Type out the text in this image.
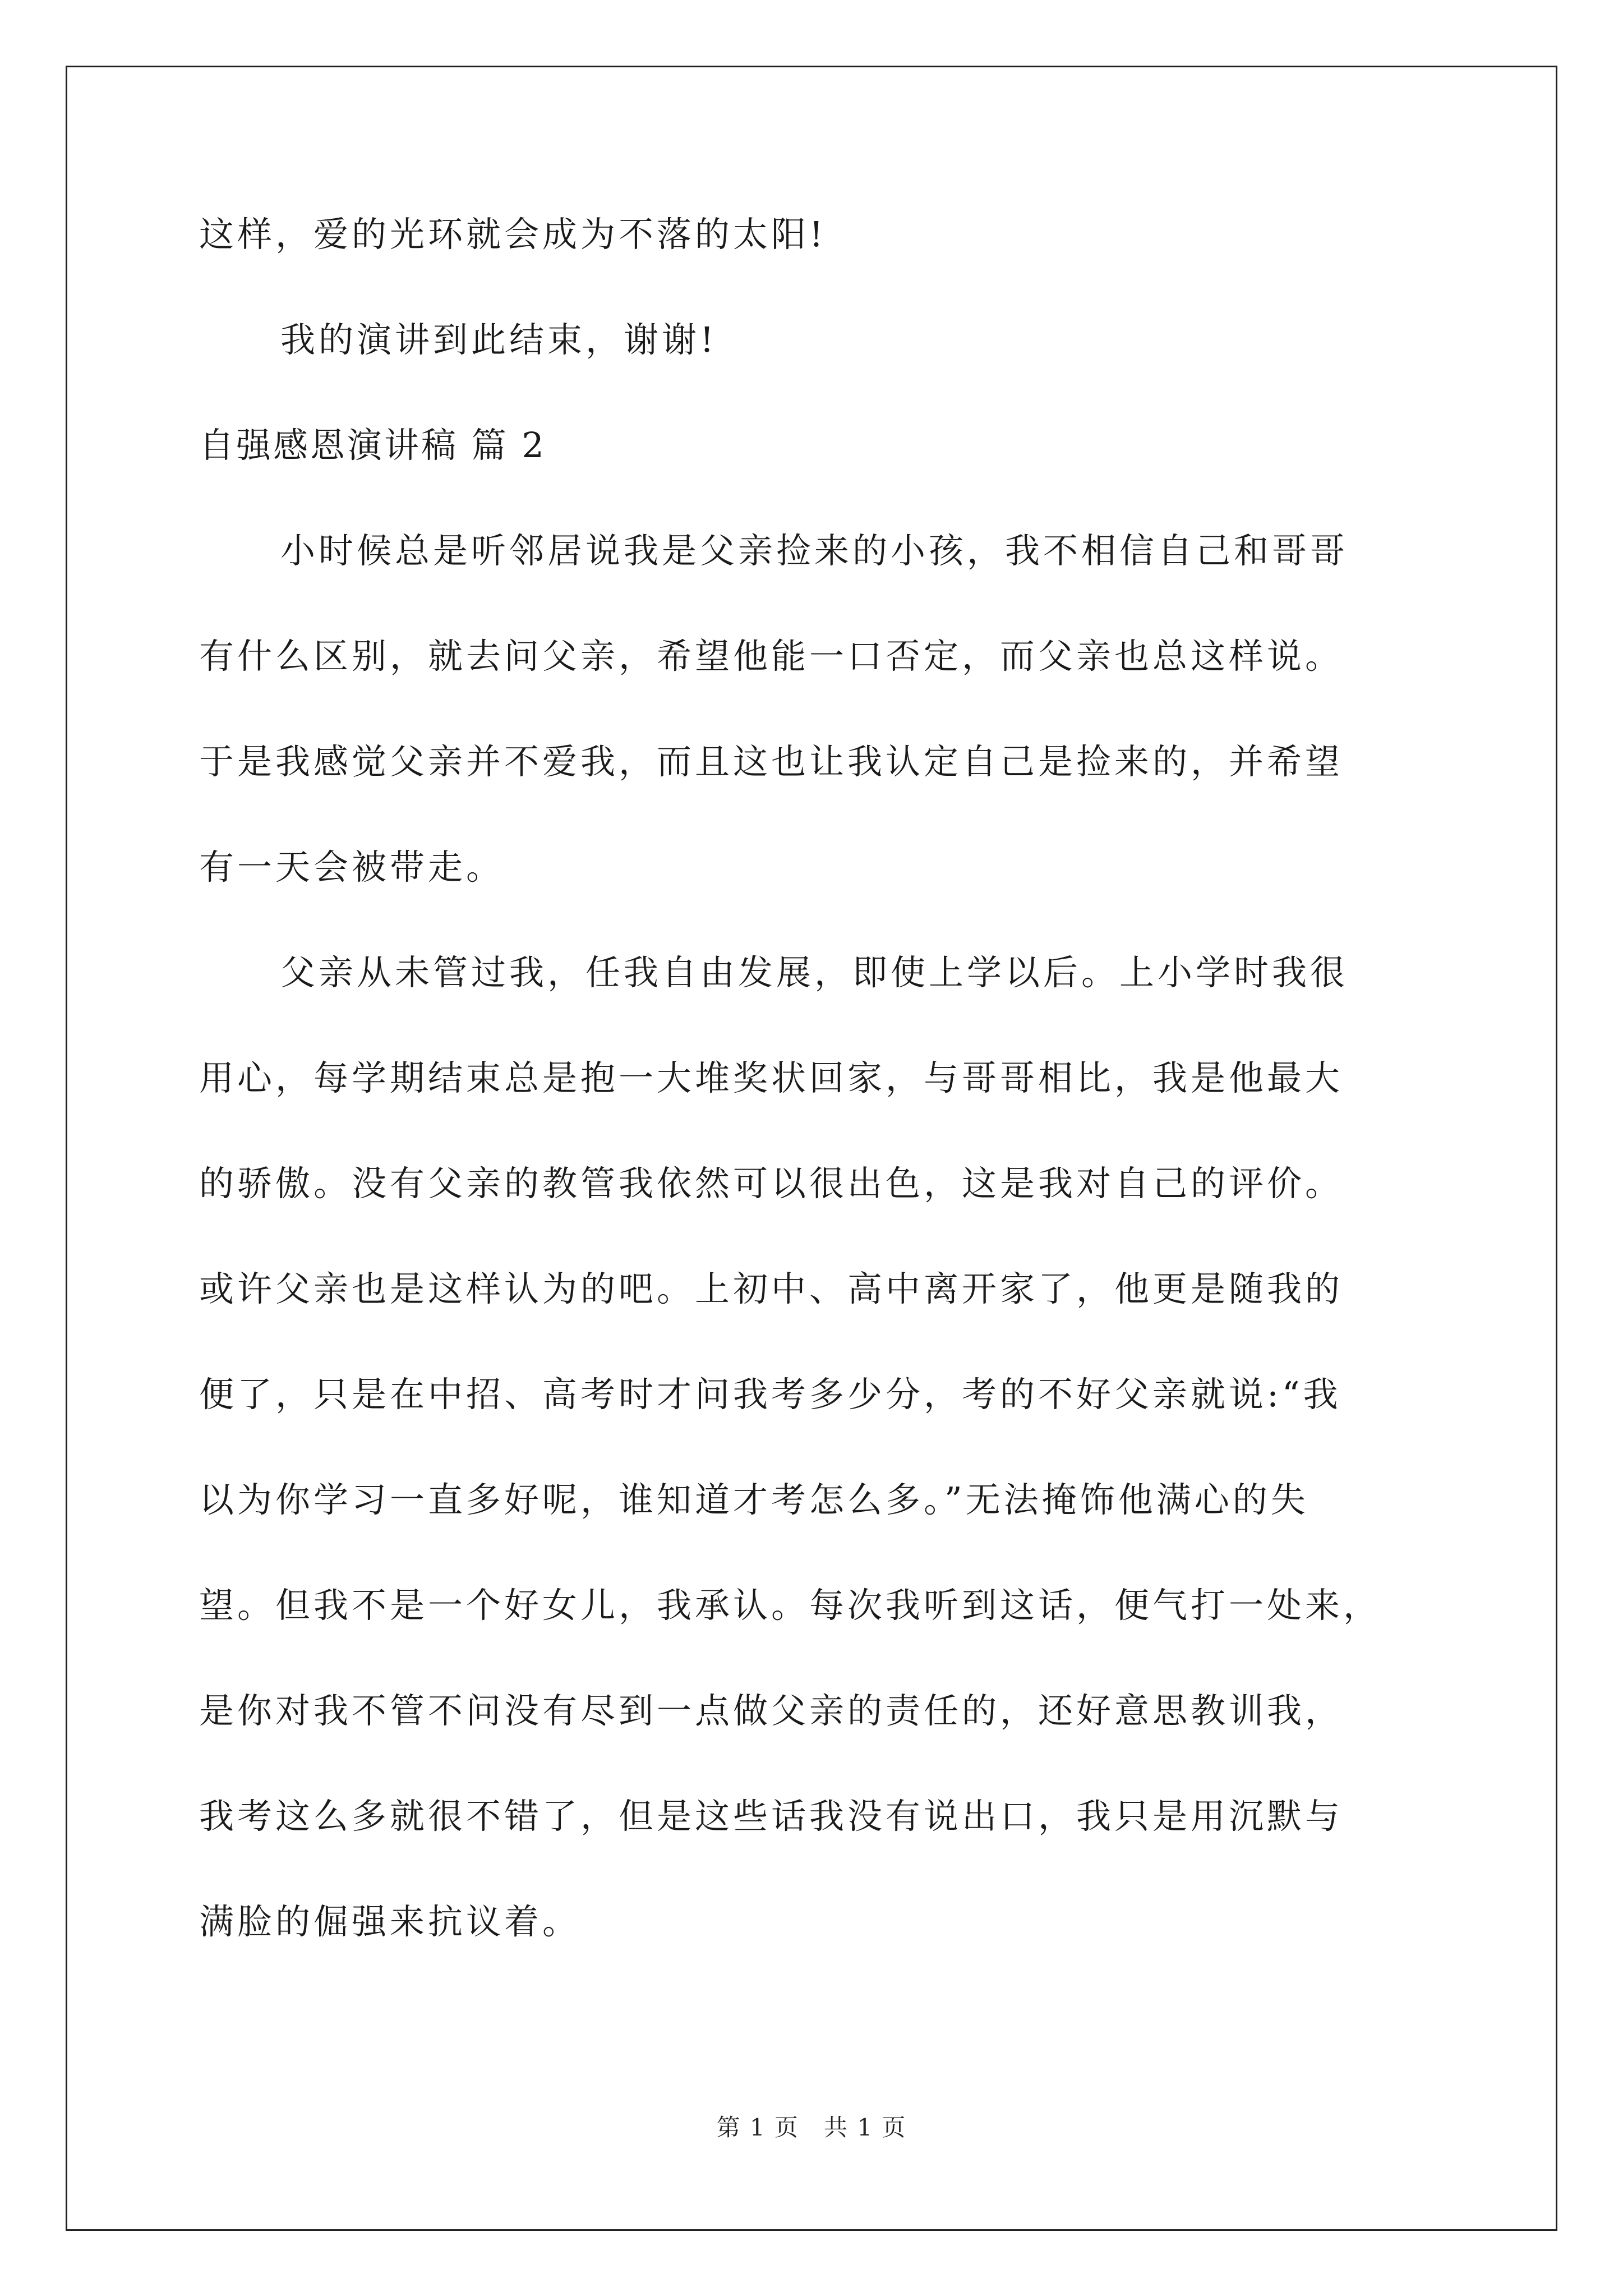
这样，爱的光环就会成为不落的太阳!

我的演讲到此结束，谢谢!

自强感恩演讲稿 篇 2

小时候总是听邻居说我是父亲捡来的小孩，我不相信自己和哥哥

有什么区别，就去问父亲，希望他能一口否定，而父亲也总这样说。

于是我感觉父亲并不爱我，而且这也让我认定自己是捡来的，并希望

有一天会被带走。

父亲从未管过我，任我自由发展，即使上学以后。上小学时我很

用心，每学期结束总是抱一大堆奖状回家，与哥哥相比，我是他最大

的骄傲。没有父亲的教管我依然可以很出色，这是我对自己的评价。

或许父亲也是这样认为的吧。上初中、高中离开家了，他更是随我的

便了，只是在中招、高考时才问我考多少分，考的不好父亲就说:“我

以为你学习一直多好呢，谁知道才考怎么多。”无法掩饰他满心的失

望。但我不是一个好女儿，我承认。每次我听到这话，便气打一处来，

是你对我不管不问没有尽到一点做父亲的责任的，还好意思教训我，

我考这么多就很不错了，但是这些话我没有说出口，我只是用沉默与

满脸的倔强来抗议着。

第 1 页　共 1 页
